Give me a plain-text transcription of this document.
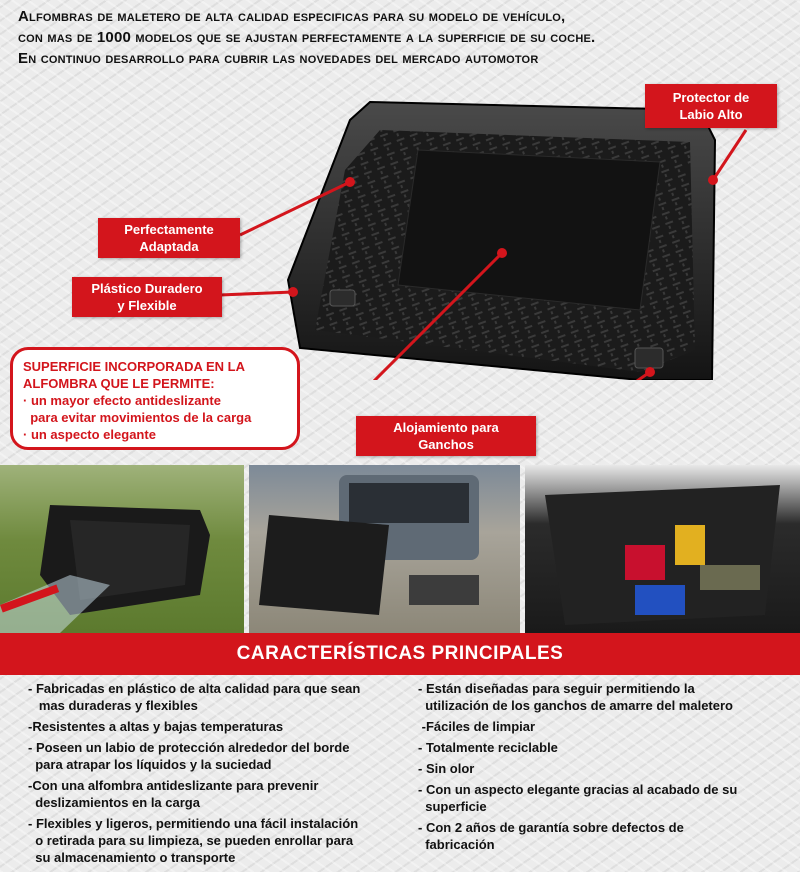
Alfombras de maletero de alta calidad especificas para su modelo de vehículo,
con mas de 1000 modelos que se ajustan perfectamente a la superficie de su coche.
En continuo desarrollo para cubrir las novedades del mercado automotor
Protector de
Labio Alto
Perfectamente
Adaptada
Plástico Duradero
y Flexible
Alojamiento para
Ganchos
SUPERFICIE INCORPORADA EN LA
ALFOMBRA QUE LE PERMITE:
· un mayor efecto antideslizante
para evitar movimientos de la carga
· un aspecto elegante
CARACTERÍSTICAS PRINCIPALES
- Fabricadas en plástico de alta calidad para que sean
mas duraderas y flexibles
-Resistentes a altas y bajas temperaturas
- Poseen un labio de protección alrededor del borde
para atrapar los líquidos y la suciedad
-Con una alfombra antideslizante para prevenir
deslizamientos en la carga
- Flexibles y ligeros, permitiendo una fácil instalación
o retirada para su limpieza, se pueden enrollar para
su almacenamiento o transporte
- Están diseñadas para seguir permitiendo la
utilización de los ganchos de amarre del maletero
-Fáciles de limpiar
- Totalmente reciclable
- Sin olor
- Con un aspecto elegante gracias al acabado de su
superficie
- Con 2 años de garantía sobre defectos de
fabricación
